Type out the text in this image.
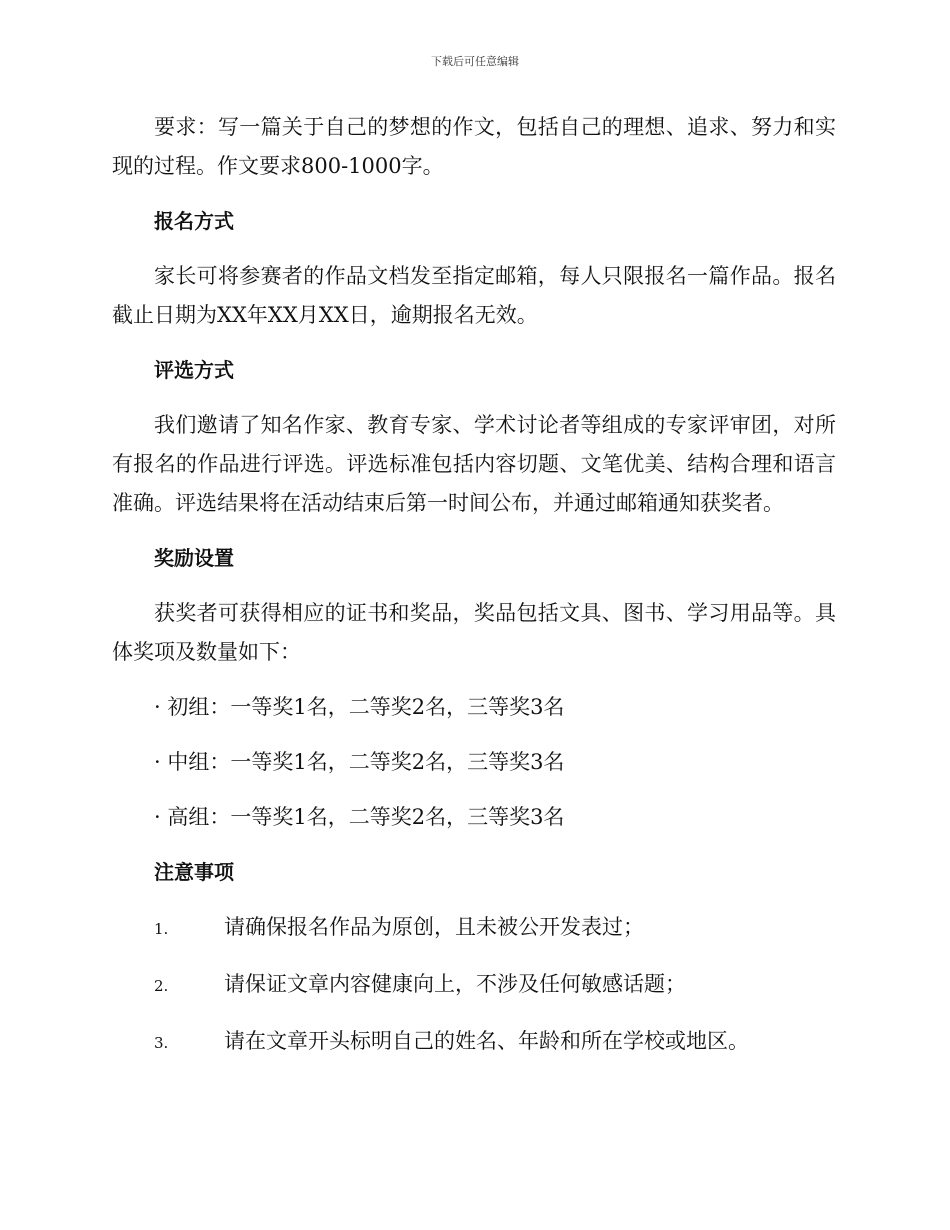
下载后可任意编辑

要求：写一篇关于自己的梦想的作文，包括自己的理想、追求、努力和实现的过程。作文要求800-1000字。

报名方式

家长可将参赛者的作品文档发至指定邮箱，每人只限报名一篇作品。报名截止日期为XX年XX月XX日，逾期报名无效。

评选方式

我们邀请了知名作家、教育专家、学术讨论者等组成的专家评审团，对所有报名的作品进行评选。评选标准包括内容切题、文笔优美、结构合理和语言准确。评选结果将在活动结束后第一时间公布，并通过邮箱通知获奖者。

奖励设置

获奖者可获得相应的证书和奖品，奖品包括文具、图书、学习用品等。具体奖项及数量如下：

· 初组：一等奖1名，二等奖2名，三等奖3名
· 中组：一等奖1名，二等奖2名，三等奖3名
· 高组：一等奖1名，二等奖2名，三等奖3名
注意事项
1.	请确保报名作品为原创，且未被公开发表过；
2.	请保证文章内容健康向上，不涉及任何敏感话题；
3.	请在文章开头标明自己的姓名、年龄和所在学校或地区。
